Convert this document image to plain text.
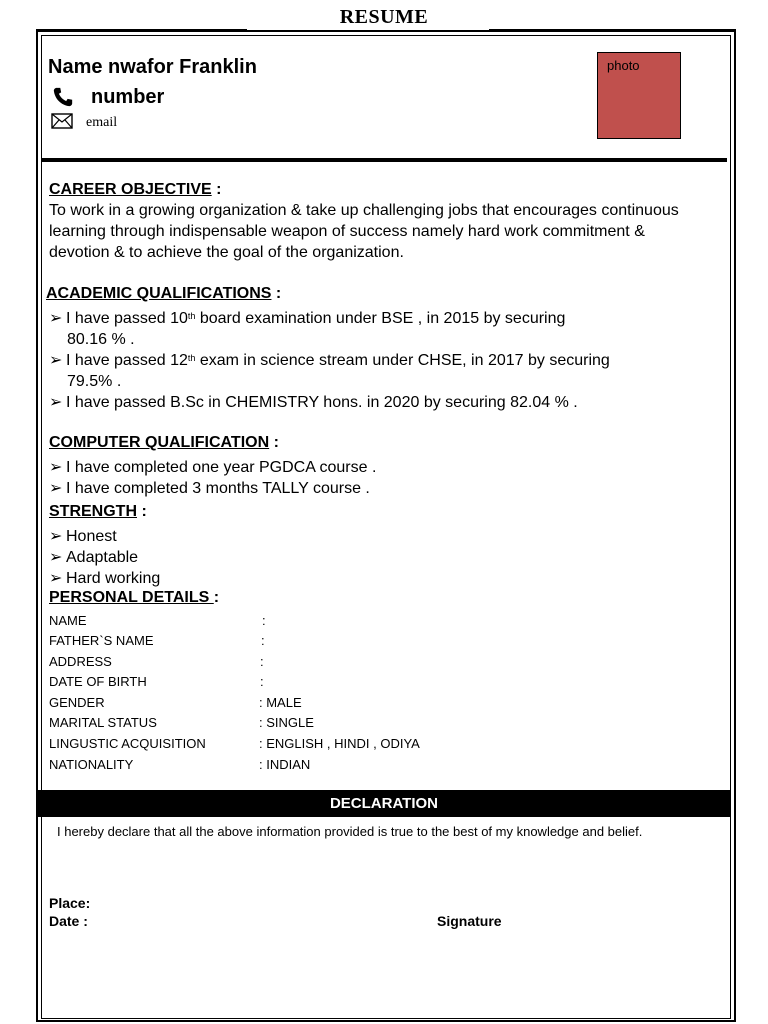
RESUME
Name nwafor Franklin
number
email
photo
CAREER OBJECTIVE :
To work in a growing organization & take up challenging jobs that encourages continuous learning through indispensable weapon of success namely hard work commitment & devotion & to achieve the goal of the organization.
ACADEMIC QUALIFICATIONS :
➢ I have passed 10th board examination under BSE , in 2015 by securing
80.16 % .
➢ I have passed 12th exam in science stream under CHSE, in 2017 by securing
79.5% .
➢ I have passed B.Sc in CHEMISTRY hons. in 2020 by securing 82.04 % .
COMPUTER QUALIFICATION :
➢ I have completed one year PGDCA course .
➢ I have completed 3 months TALLY course .
STRENGTH :
➢ Honest
➢ Adaptable
➢ Hard working
PERSONAL DETAILS :
NAME	:
FATHER`S NAME	:
ADDRESS	:
DATE OF BIRTH	:
GENDER	: MALE
MARITAL STATUS	: SINGLE
LINGUSTIC ACQUISITION	: ENGLISH , HINDI , ODIYA
NATIONALITY	: INDIAN
DECLARATION
I hereby declare that all the above information provided is true to the best of my knowledge and belief.
Place:
Date :	Signature
